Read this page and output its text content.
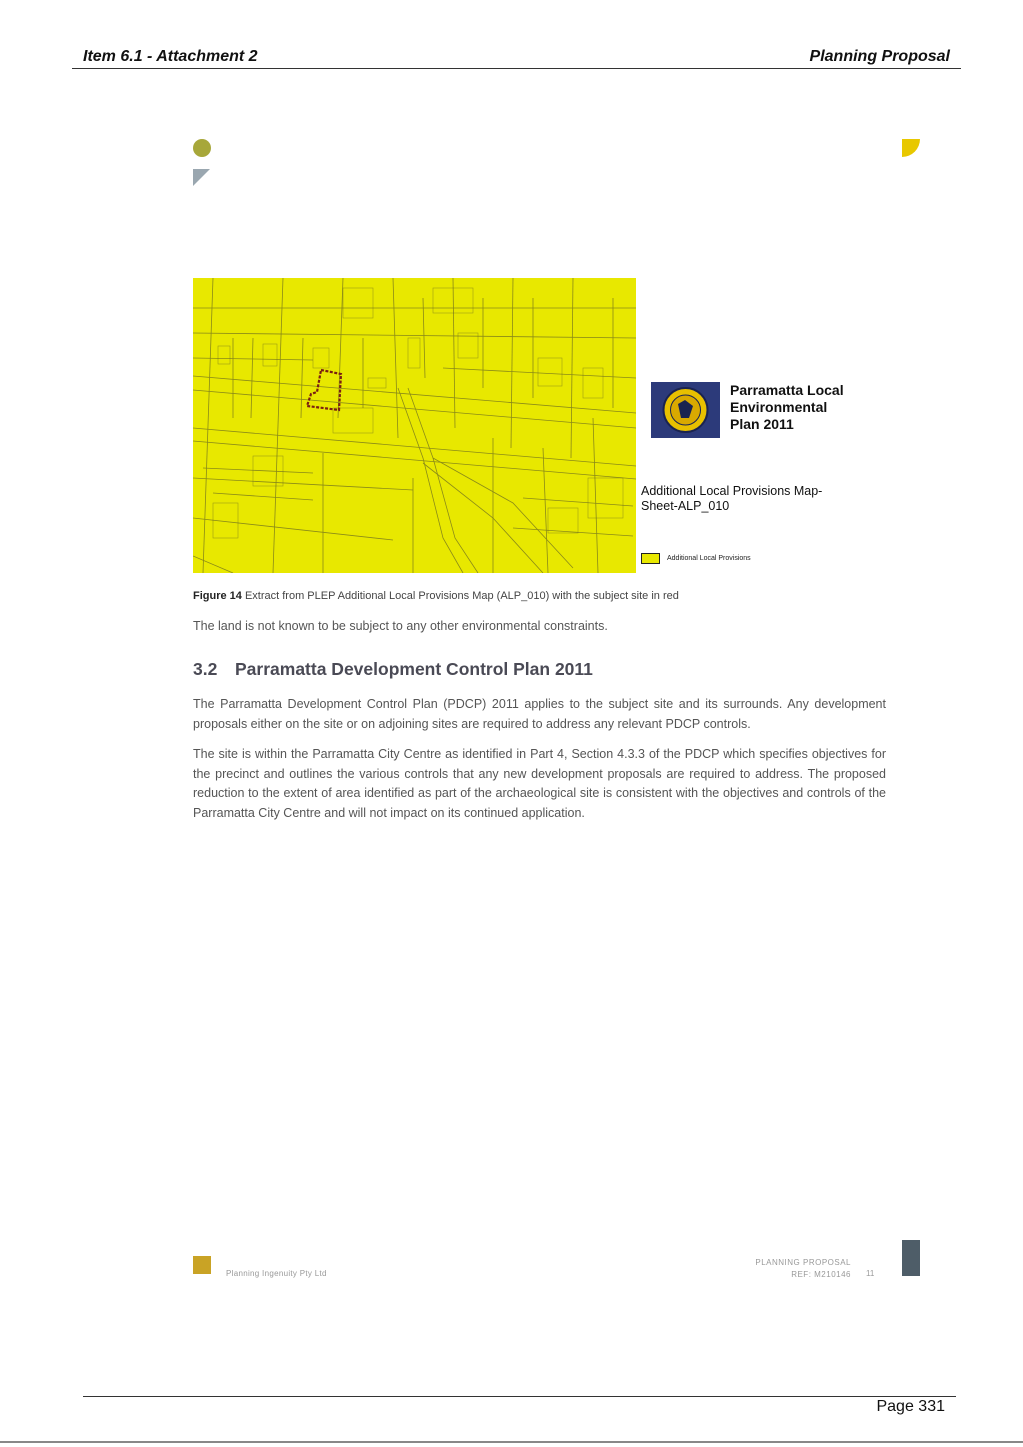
Item 6.1 - Attachment 2	Planning Proposal
Parramatta Local
Environmental
Plan 2011
Additional Local Provisions Map-
Sheet-ALP_010
Additional Local Provisions
Figure 14 Extract from PLEP Additional Local Provisions Map (ALP_010) with the subject site in red
The land is not known to be subject to any other environmental constraints.
3.2 Parramatta Development Control Plan 2011
The Parramatta Development Control Plan (PDCP) 2011 applies to the subject site and its surrounds. Any development proposals either on the site or on adjoining sites are required to address any relevant PDCP controls.
The site is within the Parramatta City Centre as identified in Part 4, Section 4.3.3 of the PDCP which specifies objectives for the precinct and outlines the various controls that any new development proposals are required to address. The proposed reduction to the extent of area identified as part of the archaeological site is consistent with the objectives and controls of the Parramatta City Centre and will not impact on its continued application.
Planning Ingenuity Pty Ltd
PLANNING PROPOSAL
REF: M210146 11
Page 331
